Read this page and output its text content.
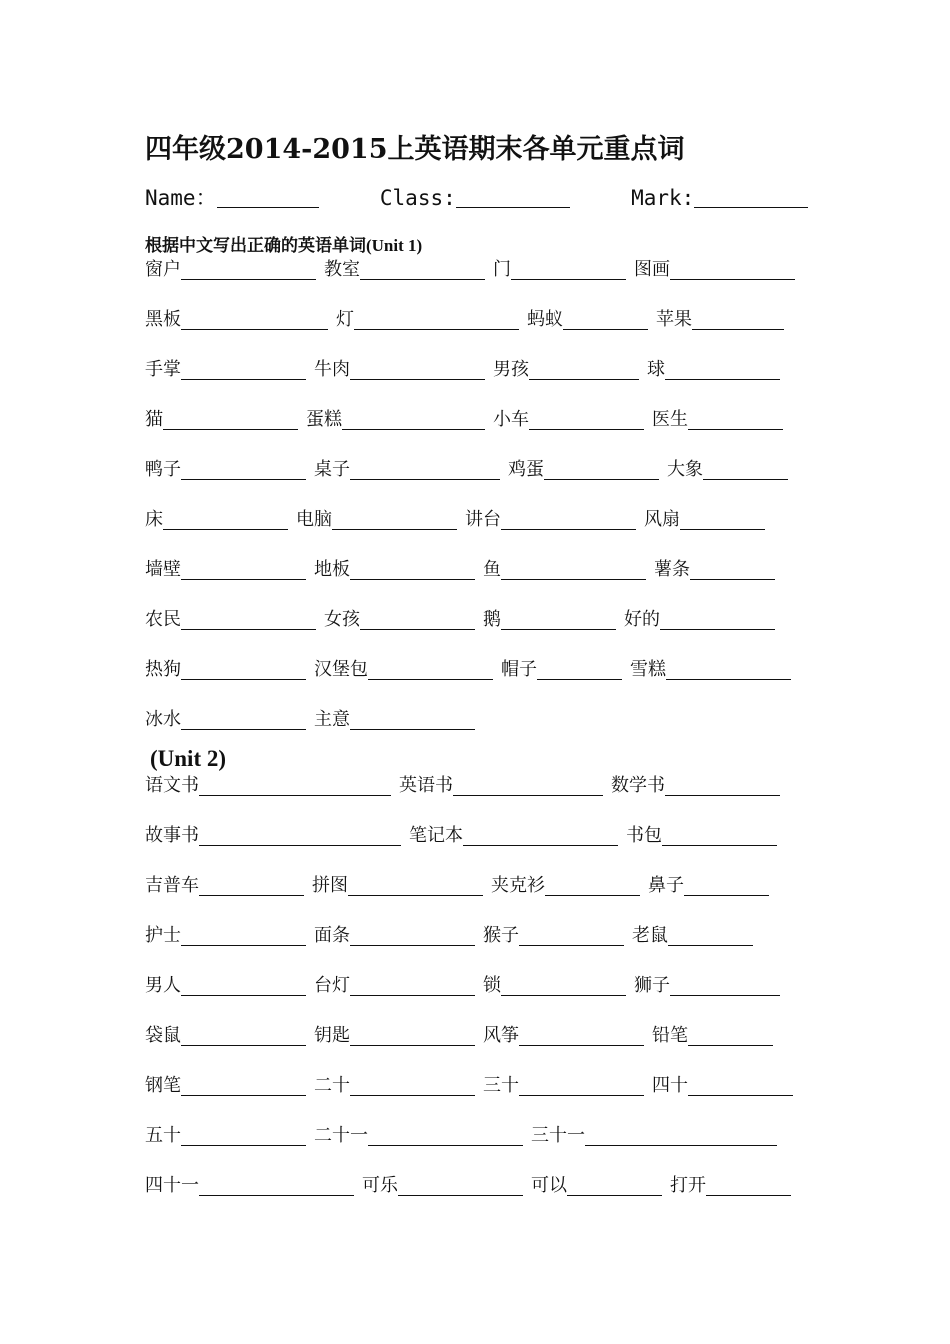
四年级2014-2015上英语期末各单元重点词
Name：	Class:	Mark:
根据中文写出正确的英语单词(Unit 1)
窗户	教室	门	图画
黑板	灯	蚂蚁	苹果
手掌	牛肉	男孩	球
猫	蛋糕	小车	医生
鸭子	桌子	鸡蛋	大象
床	电脑	讲台	风扇
墙壁	地板	鱼	薯条
农民	女孩	鹅	好的
热狗	汉堡包	帽子	雪糕
冰水	主意
(Unit 2)
语文书	英语书	数学书
故事书	笔记本	书包
吉普车	拼图	夹克衫	鼻子
护士	面条	猴子	老鼠
男人	台灯	锁	狮子
袋鼠	钥匙	风筝	铅笔
钢笔	二十	三十	四十
五十	二十一	三十一
四十一	可乐	可以	打开
